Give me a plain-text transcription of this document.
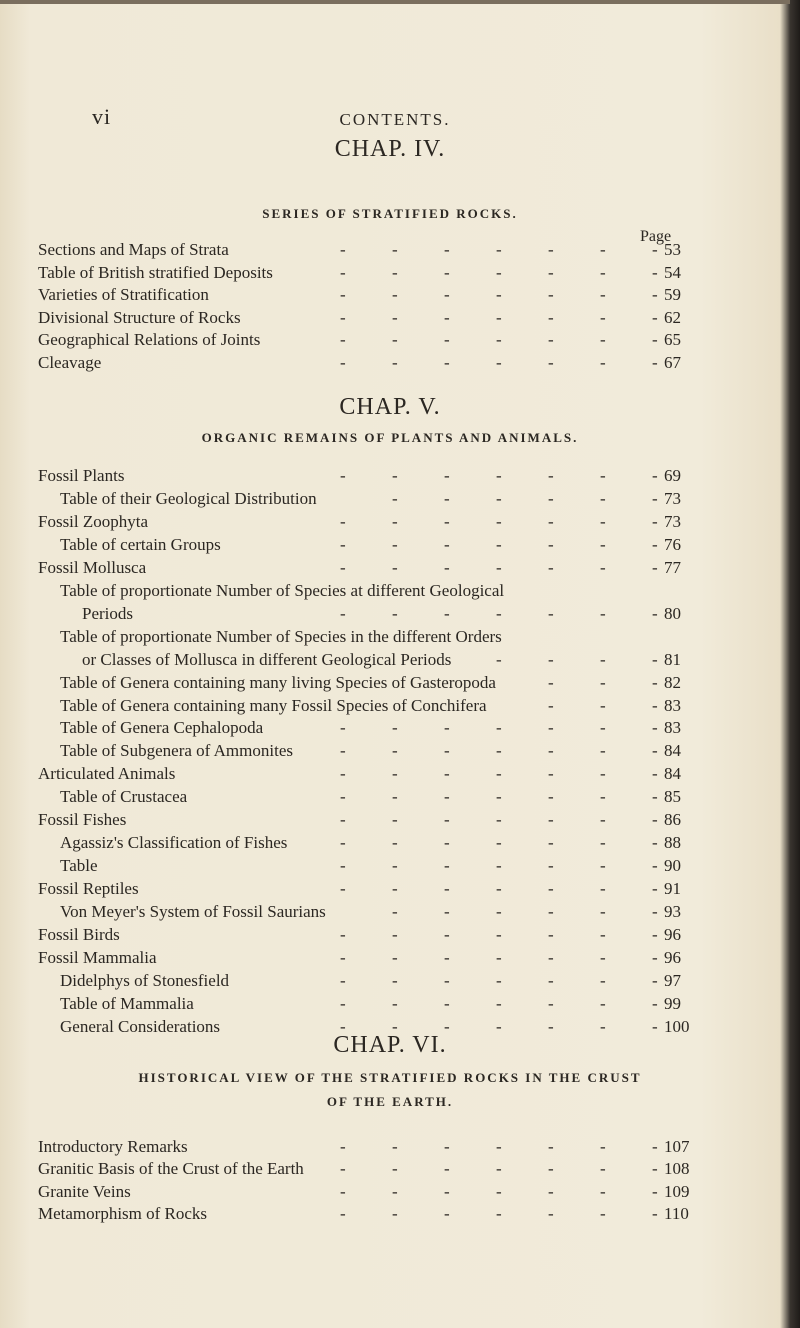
vi	CONTENTS.
CHAP. IV.
SERIES OF STRATIFIED ROCKS.
Page
Sections and Maps of Strata	53
-	-	-	-	-	-	-
Table of British stratified Deposits	54
-	-	-	-	-	-	-
Varieties of Stratification	59
-	-	-	-	-	-	-
Divisional Structure of Rocks	62
-	-	-	-	-	-	-
Geographical Relations of Joints	65
-	-	-	-	-	-	-
Cleavage	67
-	-	-	-	-	-	-
CHAP. V.
ORGANIC REMAINS OF PLANTS AND ANIMALS.
Fossil Plants	69
-	-	-	-	-	-	-
Table of their Geological Distribution	73
-	-	-	-	-	-
Fossil Zoophyta	73
-	-	-	-	-	-	-
Table of certain Groups	76
-	-	-	-	-	-	-
Fossil Mollusca	77
-	-	-	-	-	-	-
Table of proportionate Number of Species at different Geological
Periods	80
-	-	-	-	-	-	-
Table of proportionate Number of Species in the different Orders
or Classes of Mollusca in different Geological Periods	81
-	-	-	-
Table of Genera containing many living Species of Gasteropoda	82
-	-	-
Table of Genera containing many Fossil Species of Conchifera	83
-	-	-
Table of Genera Cephalopoda	83
-	-	-	-	-	-	-
Table of Subgenera of Ammonites	84
-	-	-	-	-	-	-
Articulated Animals	84
-	-	-	-	-	-	-
Table of Crustacea	85
-	-	-	-	-	-	-
Fossil Fishes	86
-	-	-	-	-	-	-
Agassiz's Classification of Fishes	88
-	-	-	-	-	-	-
Table	90
-	-	-	-	-	-	-
Fossil Reptiles	91
-	-	-	-	-	-	-
Von Meyer's System of Fossil Saurians	93
-	-	-	-	-	-
Fossil Birds	96
-	-	-	-	-	-	-
Fossil Mammalia	96
-	-	-	-	-	-	-
Didelphys of Stonesfield	97
-	-	-	-	-	-	-
Table of Mammalia	99
-	-	-	-	-	-	-
General Considerations	100
-	-	-	-	-	-	-
CHAP. VI.
HISTORICAL VIEW OF THE STRATIFIED ROCKS IN THE CRUST
OF THE EARTH.
Introductory Remarks	107
-	-	-	-	-	-	-
Granitic Basis of the Crust of the Earth	108
-	-	-	-	-	-	-
Granite Veins	109
-	-	-	-	-	-	-
Metamorphism of Rocks	110
-	-	-	-	-	-	-
